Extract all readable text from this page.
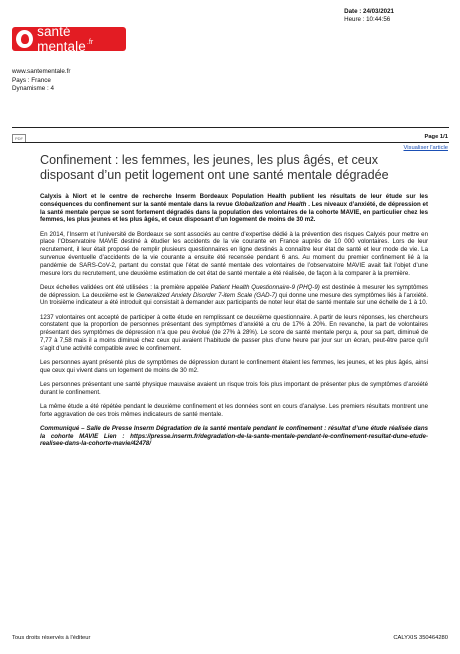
Date : 24/03/2021
Heure : 10:44:56
santé mentale$^{.fr}$
www.santementale.fr
Pays : France
Dynamisme : 4
PDF	Page 1/1
Visualiser l'article
Confinement : les femmes, les jeunes, les plus âgés, et ceux disposant d’un petit logement ont une santé mentale dégradée

Calyxis à Niort et le centre de recherche Inserm Bordeaux Population Health publient les résultats de leur étude sur les conséquences du confinement sur la santé mentale dans la revue Globalization and Health . Les niveaux d’anxiété, de dépression et la santé mentale perçue se sont fortement dégradés dans la population des volontaires de la cohorte MAVIE, en particulier chez les femmes, les plus jeunes et les plus âgés, et ceux disposant d’un logement de moins de 30 m2.

En 2014, l’Inserm et l’université de Bordeaux se sont associés au centre d’expertise dédié à la prévention des risques Calyxis pour mettre en place l’Observatoire MAVIE destiné à étudier les accidents de la vie courante en France auprès de 10 000 volontaires. Lors de leur recrutement, il leur était proposé de remplir plusieurs questionnaires en ligne destinés à connaître leur état de santé et leur mode de vie. La survenue éventuelle d’accidents de la vie courante a ensuite été recensée pendant 6 ans. Au moment du premier confinement lié à la pandémie de SARS-CoV-2, partant du constat que l’état de santé mentale des volontaires de l’observatoire MAVIE avait fait l’objet d’une mesure lors du recrutement, une deuxième estimation de cet état de santé mentale a été réalisée, de façon à la comparer à la première.

Deux échelles validées ont été utilisées : la première appelée Patient Health Questionnaire-9 (PHQ-9) est destinée à mesurer les symptômes de dépression. La deuxième est le Generalized Anxiety Disorder 7-item Scale (GAD-7) qui donne une mesure des symptômes liés à l’anxiété. Un troisième indicateur a été introduit qui consistait à demander aux participants de noter leur état de santé mentale sur une échelle de 1 à 10.

1237 volontaires ont accepté de participer à cette étude en remplissant ce deuxième questionnaire. A partir de leurs réponses, les chercheurs constatent que la proportion de personnes présentant des symptômes d’anxiété a cru de 17% à 20%. En revanche, la part de volontaires présentant des symptômes de dépression n’a que peu évolué (de 27% à 28%). Le score de santé mentale perçu a, pour sa part, diminué de 7,77 à 7,58 mais il a moins diminué chez ceux qui avaient l’habitude de passer plus d’une heure par jour sur un écran, peut-être parce qu’il s’agit d’une activité compatible avec le confinement.

Les personnes ayant présenté plus de symptômes de dépression durant le confinement étaient les femmes, les jeunes, et les plus âgés, ainsi que ceux qui vivent dans un logement de moins de 30 m2.

Les personnes présentant une santé physique mauvaise avaient un risque trois fois plus important de présenter plus de symptômes d’anxiété durant le confinement.

La même étude a été répétée pendant le deuxième confinement et les données sont en cours d’analyse. Les premiers résultats montrent une forte aggravation de ces trois mêmes indicateurs de santé mentale.

Communiqué – Salle de Presse Inserm Dégradation de la santé mentale pendant le confinement : résultat d’une étude réalisée dans la cohorte MAVIE Lien : https://presse.inserm.fr/degradation-de-la-sante-mentale-pendant-le-confinement-resultat-dune-etude-realisee-dans-la-cohorte-mavie/42478/

Tous droits réservés à l'éditeur	CALYXIS 350464280
